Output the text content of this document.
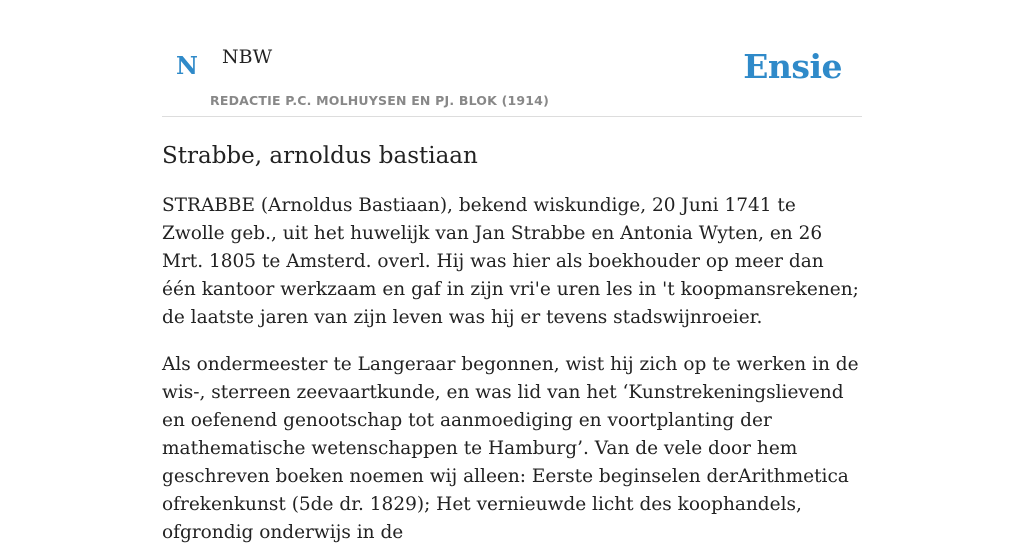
N NBW
REDACTIE P.C. MOLHUYSEN EN PJ. BLOK (1914)
Ensie
Strabbe, arnoldus bastiaan

STRABBE (Arnoldus Bastiaan), bekend wiskundige, 20 Juni 1741 te Zwolle geb., uit het huwelijk van Jan Strabbe en Antonia Wyten, en 26 Mrt. 1805 te Amsterd. overl. Hij was hier als boekhouder op meer dan één kantoor werkzaam en gaf in zijn vri'e uren les in 't koopmansrekenen; de laatste jaren van zijn leven was hij er tevens stadswijnroeier.

Als ondermeester te Langeraar begonnen, wist hij zich op te werken in de wis-, sterreen zeevaartkunde, en was lid van het ‘Kunstrekeningslievend en oefenend genootschap tot aanmoediging en voortplanting der mathematische wetenschappen te Hamburg’. Van de vele door hem geschreven boeken noemen wij alleen: Eerste beginselen derArithmetica ofrekenkunst (5de dr. 1829); Het vernieuwde licht des koophandels, ofgrondig onderwijs in de
